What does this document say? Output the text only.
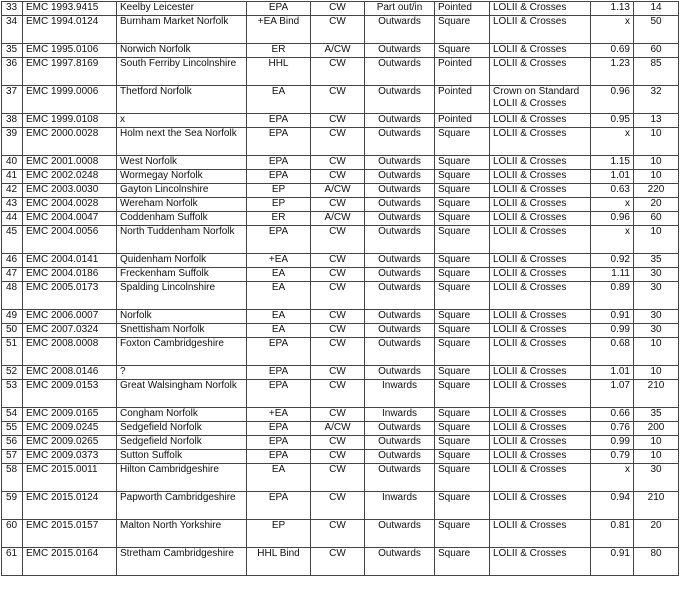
33	EMC 1993.9415	Keelby Leicester	EPA	CW	Part out/in	Pointed	LOLII & Crosses	1.13	14
34	EMC 1994.0124	Burnham Market Norfolk	+EA Bind	CW	Outwards	Square	LOLII & Crosses	x	50
35	EMC 1995.0106	Norwich Norfolk	ER	A/CW	Outwards	Square	LOLII & Crosses	0.69	60
36	EMC 1997.8169	South Ferriby Lincolnshire	HHL	CW	Outwards	Pointed	LOLII & Crosses	1.23	85
37	EMC 1999.0006	Thetford Norfolk	EA	CW	Outwards	Pointed	Crown on Standard LOLII & Crosses	0.96	32
38	EMC 1999.0108	x	EPA	CW	Outwards	Pointed	LOLII & Crosses	0.95	13
39	EMC 2000.0028	Holm next the Sea Norfolk	EPA	CW	Outwards	Square	LOLII & Crosses	x	10
40	EMC 2001.0008	West Norfolk	EPA	CW	Outwards	Square	LOLII & Crosses	1.15	10
41	EMC 2002.0248	Wormegay Norfolk	EPA	CW	Outwards	Square	LOLII & Crosses	1.01	10
42	EMC 2003.0030	Gayton Lincolnshire	EP	A/CW	Outwards	Square	LOLII & Crosses	0.63	220
43	EMC 2004.0028	Wereham Norfolk	EP	CW	Outwards	Square	LOLII & Crosses	x	20
44	EMC 2004.0047	Coddenham Suffolk	ER	A/CW	Outwards	Square	LOLII & Crosses	0.96	60
45	EMC 2004.0056	North Tuddenham Norfolk	EPA	CW	Outwards	Square	LOLII & Crosses	x	10
46	EMC 2004.0141	Quidenham Norfolk	+EA	CW	Outwards	Square	LOLII & Crosses	0.92	35
47	EMC 2004.0186	Freckenham Suffolk	EA	CW	Outwards	Square	LOLII & Crosses	1.11	30
48	EMC 2005.0173	Spalding Lincolnshire	EA	CW	Outwards	Square	LOLII & Crosses	0.89	30
49	EMC 2006.0007	Norfolk	EA	CW	Outwards	Square	LOLII & Crosses	0.91	30
50	EMC 2007.0324	Snettisham Norfolk	EA	CW	Outwards	Square	LOLII & Crosses	0.99	30
51	EMC 2008.0008	Foxton Cambridgeshire	EPA	CW	Outwards	Square	LOLII & Crosses	0.68	10
52	EMC 2008.0146	?	EPA	CW	Outwards	Square	LOLII & Crosses	1.01	10
53	EMC 2009.0153	Great Walsingham Norfolk	EPA	CW	Inwards	Square	LOLII & Crosses	1.07	210
54	EMC 2009.0165	Congham Norfolk	+EA	CW	Inwards	Square	LOLII & Crosses	0.66	35
55	EMC 2009.0245	Sedgefield Norfolk	EPA	A/CW	Outwards	Square	LOLII & Crosses	0.76	200
56	EMC 2009.0265	Sedgefield Norfolk	EPA	CW	Outwards	Square	LOLII & Crosses	0.99	10
57	EMC 2009.0373	Sutton Suffolk	EPA	CW	Outwards	Square	LOLII & Crosses	0.79	10
58	EMC 2015.0011	Hilton Cambridgeshire	EA	CW	Outwards	Square	LOLII & Crosses	x	30
59	EMC 2015.0124	Papworth Cambridgeshire	EPA	CW	Inwards	Square	LOLII & Crosses	0.94	210
60	EMC 2015.0157	Malton North Yorkshire	EP	CW	Outwards	Square	LOLII & Crosses	0.81	20
61	EMC 2015.0164	Stretham Cambridgeshire	HHL Bind	CW	Outwards	Square	LOLII & Crosses	0.91	80
